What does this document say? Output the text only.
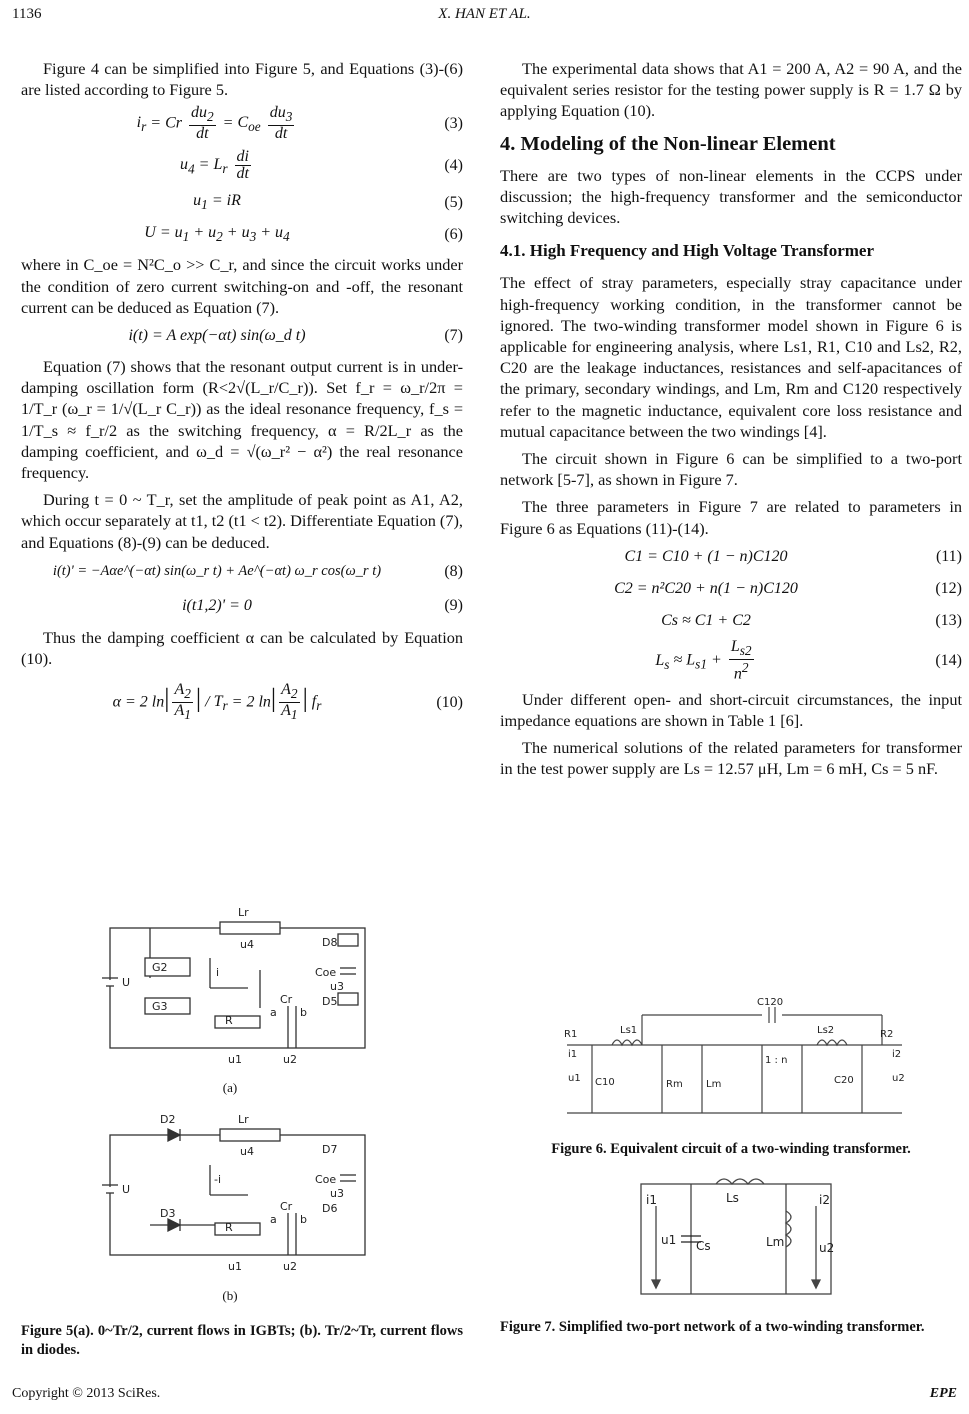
1136	X. HAN ET AL.

Figure 4 can be simplified into Figure 5, and Equations (3)-(6) are listed according to Figure 5.

$i_r = Cr \frac{du_2}{dt} = C_{oe} \frac{du_3}{dt}$	(3)
$u_4 = L_r \frac{di}{dt}$	(4)
$u_1$ = iR	(5)
$U = u_1 + u_2 + u_3 + u_4$	(6)

where in C_oe = N²C_o >> C_r, and since the circuit works under the condition of zero current switching-on and -off, the resonant current can be deduced as Equation (7).

i(t) = A exp(−αt) sin(ω_d t)	(7)

Equation (7) shows that the resonant output current is in under-damping oscillation form (R<2√(L_r/C_r)). Set f_r = ω_r/2π = 1/T_r (ω_r = 1/√(L_r C_r)) as the ideal resonance frequency, f_s = 1/T_s ≈ f_r/2 as the switching frequency, α = R/2L_r as the damping coefficient, and ω_d = √(ω_r² − α²) the real resonance frequency.

During t = 0 ~ T_r, set the amplitude of peak point as A1, A2, which occur separately at t1, t2 (t1 < t2). Differentiate Equation (7), and Equations (8)-(9) can be deduced.

i(t)' = −Aαe^(−αt) sin(ω_r t) + Ae^(−αt) ω_r cos(ω_r t)	(8)
i(t1,2)' = 0	(9)

Thus the damping coefficient α can be calculated by Equation (10).

α = 2 $\ln| \frac{A_2}{A_1}$ | / $T_r = 2$ $\ln| \frac{A_2}{A_1}$ | $f_r$	(10)
Lr
u4
U
G2
G3
i
R
u1
Cr
a b
u2
D8
Coe
u3
D5
(a)
D2	Lr
u4
U
-i
D3
R
u1
Cr
a b
u2
D7
Coe
u3
D6
(b)
Figure 5(a). 0~Tr/2, current flows in IGBTs; (b). Tr/2~Tr, current flows in diodes.

The experimental data shows that A1 = 200 A, A2 = 90 A, and the equivalent series resistor for the testing power supply is R = 1.7 Ω by applying Equation (10).

4. Modeling of the Non-linear Element

There are two types of non-linear elements in the CCPS under discussion; the high-frequency transformer and the semiconductor switching devices.

4.1. High Frequency and High Voltage Transformer

The effect of stray parameters, especially stray capacitance under high-frequency working condition, in the transformer cannot be ignored. The two-winding transformer model shown in Figure 6 is applicable for engineering analysis, where Ls1, R1, C10 and Ls2, R2, C20 are the leakage inductances, resistances and self-apacitances of the primary, secondary windings, and Lm, Rm and C120 respectively refer to the magnetic inductance, equivalent core loss resistance and mutual capacitance between the two windings [4].

The circuit shown in Figure 6 can be simplified to a two-port network [5-7], as shown in Figure 7.

The three parameters in Figure 7 are related to parameters in Figure 6 as Equations (11)-(14).

C1 = C10 + (1 − n)C120	(11)
C2 = n²C20 + n(1 − n)C120	(12)
Cs ≈ C1 + C2	(13)
$L_s \approx L_{s1} + \frac{L_{s2}}{n^2}$	(14)

Under different open- and short-circuit circumstances, the input impedance equations are shown in Table 1 [6].

The numerical solutions of the related parameters for transformer in the test power supply are Ls = 12.57 μH, Lm = 6 mH, Cs = 5 nF.

R1	Ls1
C120
Ls2	R2
C10	Rm Lm
1 : n
C20
i1
u1
i2
u2
Figure 6. Equivalent circuit of a two-winding transformer.
Ls
i1
u1 Cs	Lm
i2
u2
Figure 7. Simplified two-port network of a two-winding transformer.
Copyright © 2013 SciRes.	EPE
